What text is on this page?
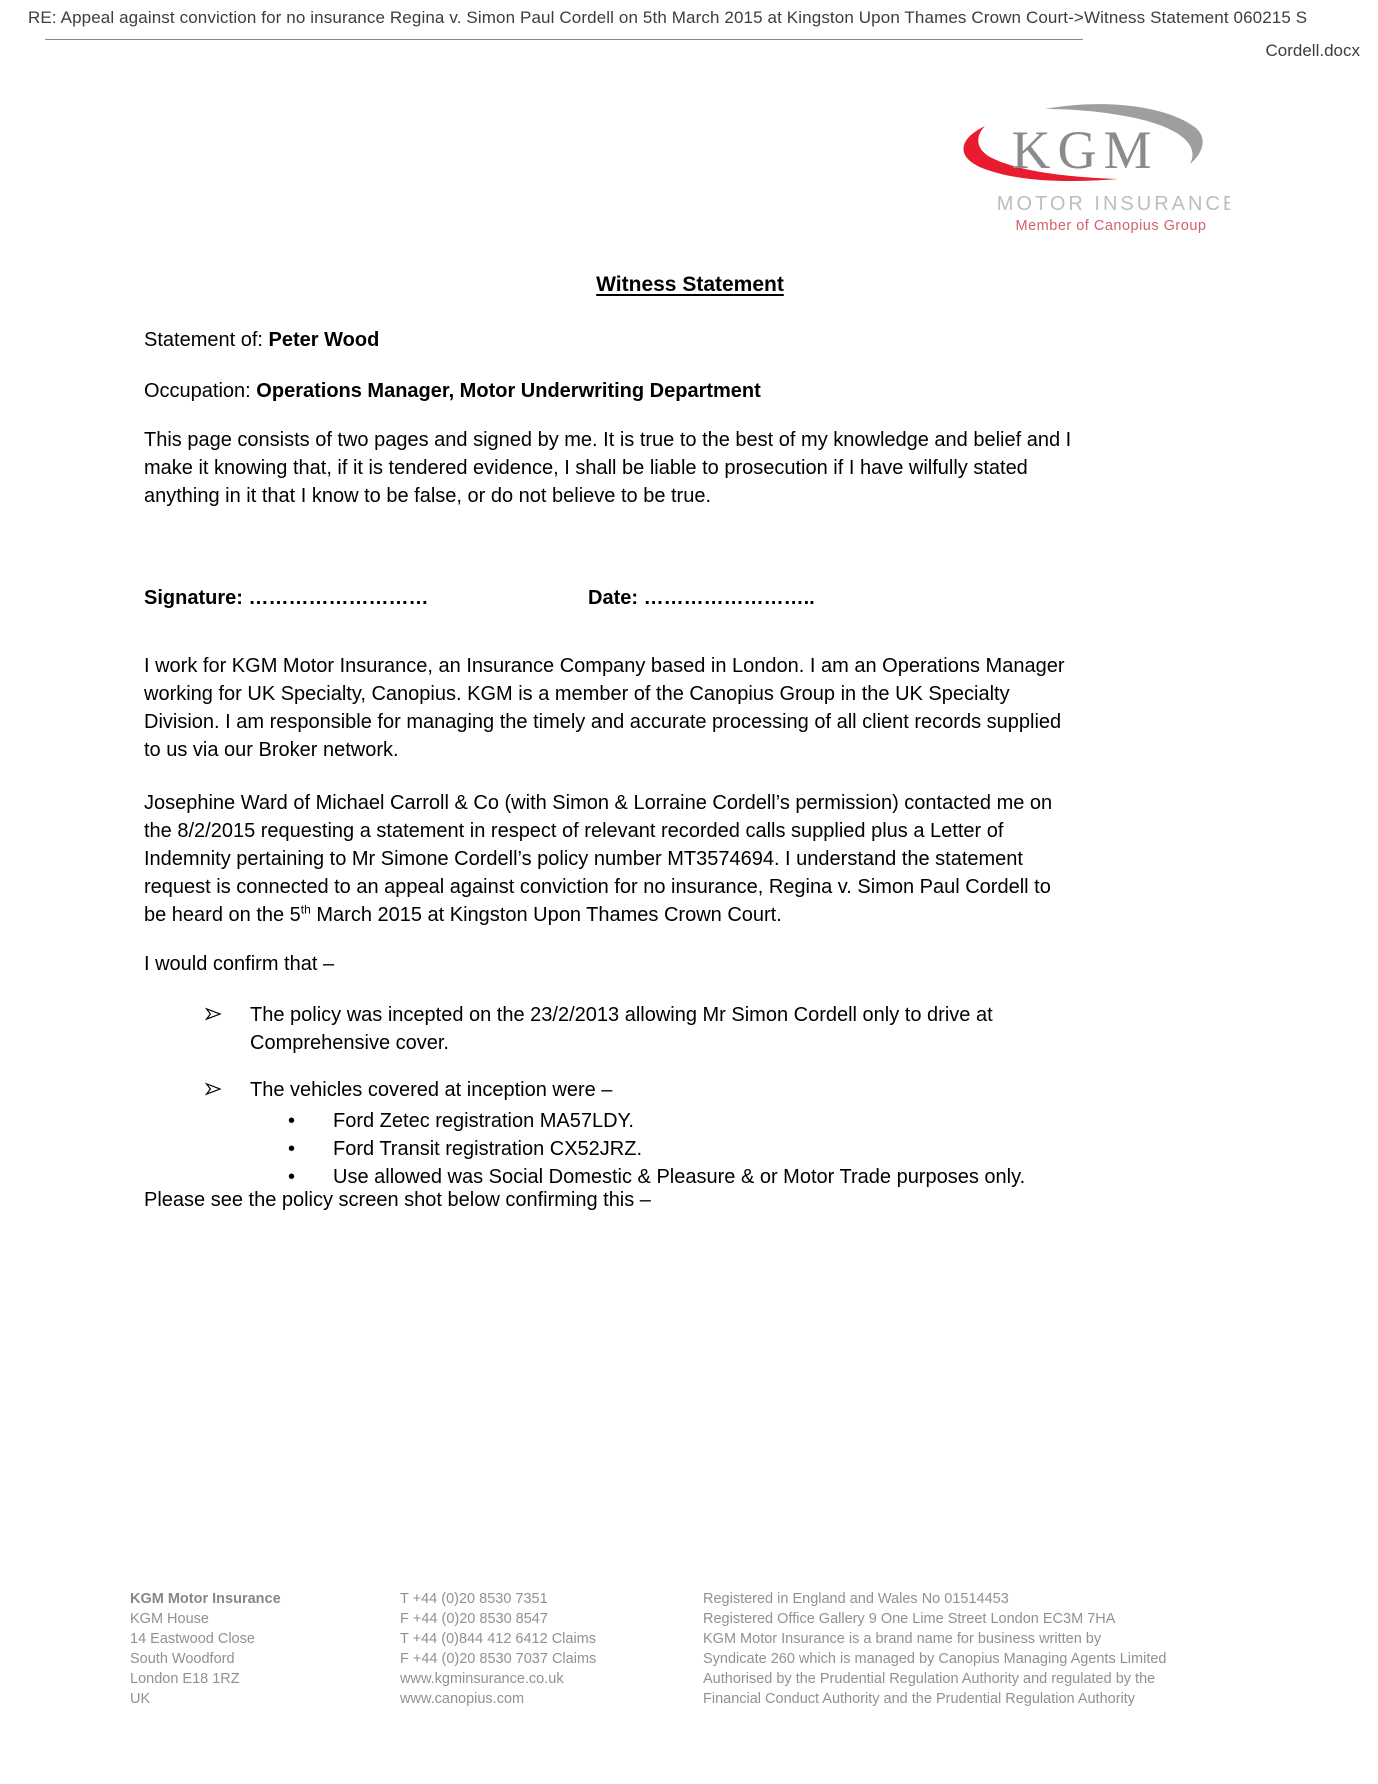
RE: Appeal against conviction for no insurance Regina v. Simon Paul Cordell on 5th March 2015 at Kingston Upon Thames Crown Court->Witness Statement 060215 S
Cordell.docx
KGM
MOTOR INSURANCE
Member of Canopius Group
Witness Statement
Statement of: Peter Wood
Occupation: Operations Manager, Motor Underwriting Department
This page consists of two pages and signed by me. It is true to the best of my knowledge and belief and I
make it knowing that, if it is tendered evidence, I shall be liable to prosecution if I have wilfully stated
anything in it that I know to be false, or do not believe to be true.
Signature: ………………………	Date: ……………………..
I work for KGM Motor Insurance, an Insurance Company based in London. I am an Operations Manager
working for UK Specialty, Canopius. KGM is a member of the Canopius Group in the UK Specialty
Division. I am responsible for managing the timely and accurate processing of all client records supplied
to us via our Broker network.
Josephine Ward of Michael Carroll & Co (with Simon & Lorraine Cordell’s permission) contacted me on
the 8/2/2015 requesting a statement in respect of relevant recorded calls supplied plus a Letter of
Indemnity pertaining to Mr Simone Cordell’s policy number MT3574694. I understand the statement
request is connected to an appeal against conviction for no insurance, Regina v. Simon Paul Cordell to
be heard on the 5th March 2015 at Kingston Upon Thames Crown Court.
I would confirm that –
The policy was incepted on the 23/2/2013 allowing Mr Simon Cordell only to drive at
Comprehensive cover.
The vehicles covered at inception were –
• Ford Zetec registration MA57LDY.
• Ford Transit registration CX52JRZ.
• Use allowed was Social Domestic & Pleasure & or Motor Trade purposes only.
Please see the policy screen shot below confirming this –
KGM Motor Insurance
KGM House
14 Eastwood Close
South Woodford
London E18 1RZ
UK
T +44 (0)20 8530 7351
F +44 (0)20 8530 8547
T +44 (0)844 412 6412 Claims
F +44 (0)20 8530 7037 Claims
www.kgminsurance.co.uk
www.canopius.com
Registered in England and Wales No 01514453
Registered Office Gallery 9 One Lime Street London EC3M 7HA
KGM Motor Insurance is a brand name for business written by
Syndicate 260 which is managed by Canopius Managing Agents Limited
Authorised by the Prudential Regulation Authority and regulated by the
Financial Conduct Authority and the Prudential Regulation Authority
